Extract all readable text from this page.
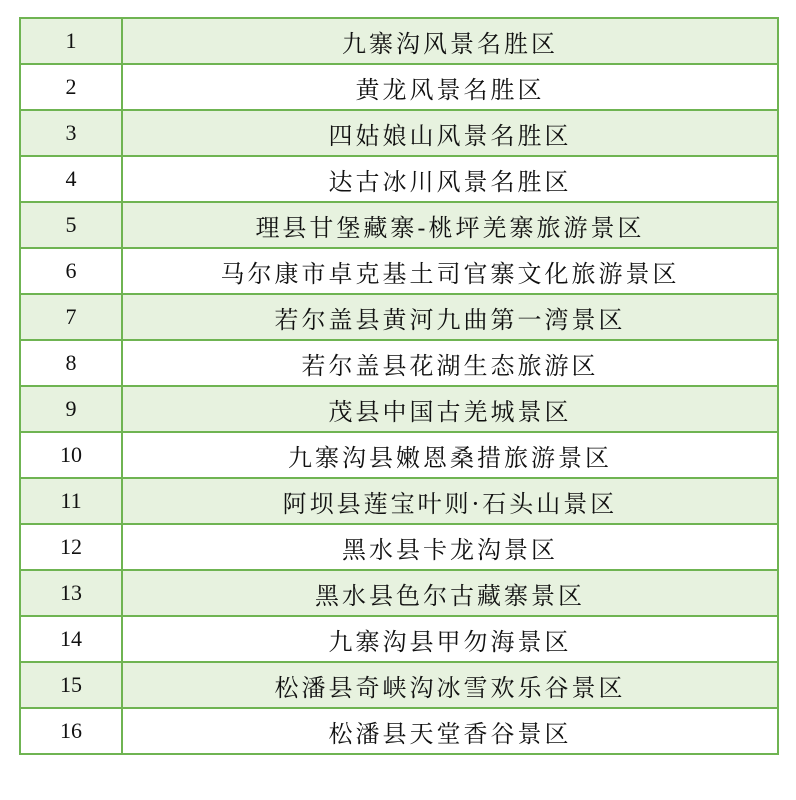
1	九寨沟风景名胜区
2	黄龙风景名胜区
3	四姑娘山风景名胜区
4	达古冰川风景名胜区
5	理县甘堡藏寨-桃坪羌寨旅游景区
6	马尔康市卓克基土司官寨文化旅游景区
7	若尔盖县黄河九曲第一湾景区
8	若尔盖县花湖生态旅游区
9	茂县中国古羌城景区
10	九寨沟县嫩恩桑措旅游景区
11	阿坝县莲宝叶则·石头山景区
12	黑水县卡龙沟景区
13	黑水县色尔古藏寨景区
14	九寨沟县甲勿海景区
15	松潘县奇峡沟冰雪欢乐谷景区
16	松潘县天堂香谷景区
